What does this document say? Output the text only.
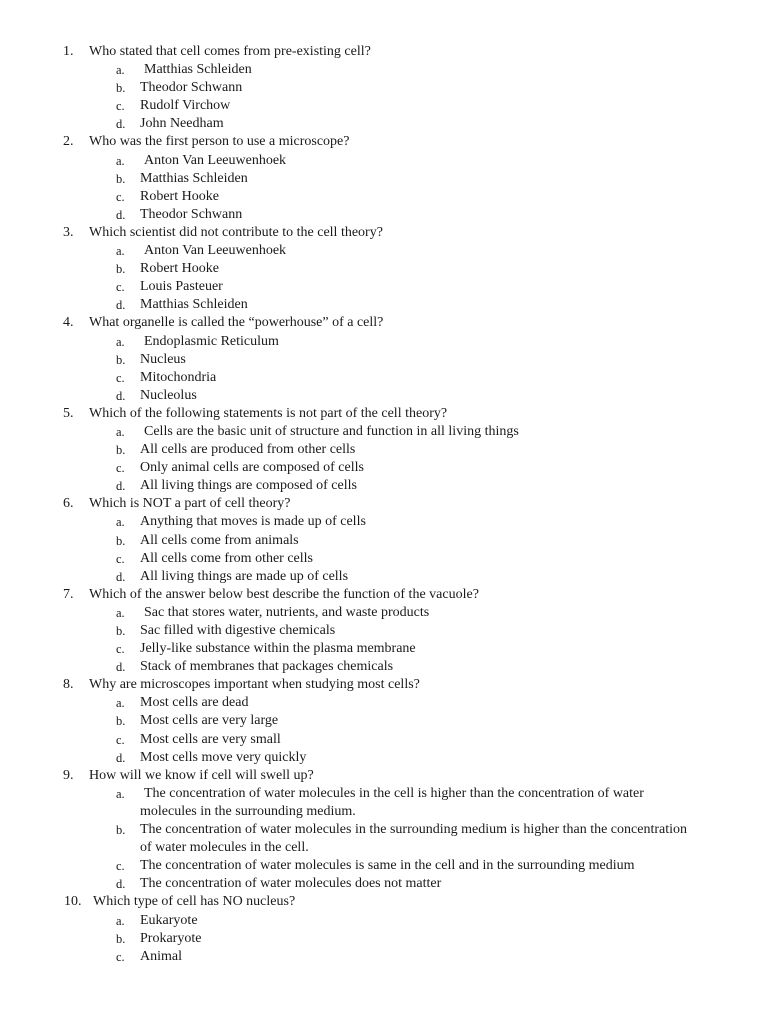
1.	Who stated that cell comes from pre-existing cell?
a. Matthias Schleiden
b. Theodor Schwann
c. Rudolf Virchow
d. John Needham
2.	Who was the first person to use a microscope?
a. Anton Van Leeuwenhoek
b. Matthias Schleiden
c. Robert Hooke
d. Theodor Schwann
3.	Which scientist did not contribute to the cell theory?
a. Anton Van Leeuwenhoek
b. Robert Hooke
c. Louis Pasteuer
d. Matthias Schleiden
4.	What organelle is called the “powerhouse” of a cell?
a. Endoplasmic Reticulum
b. Nucleus
c. Mitochondria
d. Nucleolus
5.	Which of the following statements is not part of the cell theory?
a. Cells are the basic unit of structure and function in all living things
b. All cells are produced from other cells
c. Only animal cells are composed of cells
d. All living things are composed of cells
6.	Which is NOT a part of cell theory?
a. Anything that moves is made up of cells
b. All cells come from animals
c. All cells come from other cells
d. All living things are made up of cells
7.	Which of the answer below best describe the function of the vacuole?
a. Sac that stores water, nutrients, and waste products
b. Sac filled with digestive chemicals
c. Jelly-like substance within the plasma membrane
d. Stack of membranes that packages chemicals
8.	Why are microscopes important when studying most cells?
a. Most cells are dead
b. Most cells are very large
c. Most cells are very small
d. Most cells move very quickly
9.	How will we know if cell will swell up?
a. The concentration of water molecules in the cell is higher than the concentration of water molecules in the surrounding medium.
b. The concentration of water molecules in the surrounding medium is higher than the concentration of water molecules in the cell.
c. The concentration of water molecules is same in the cell and in the surrounding medium
d. The concentration of water molecules does not matter
10. Which type of cell has NO nucleus?
a. Eukaryote
b. Prokaryote
c. Animal
